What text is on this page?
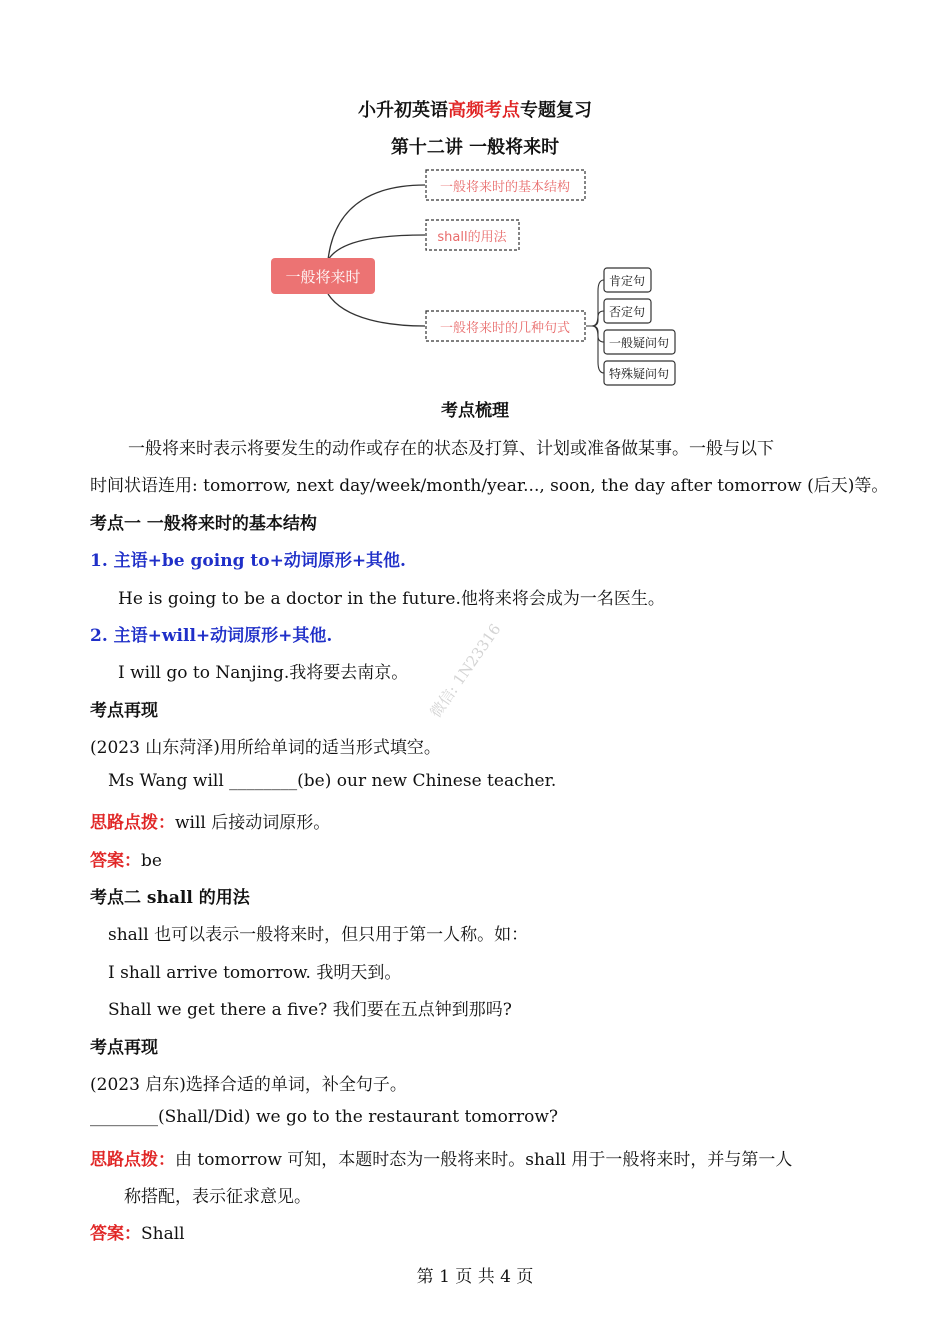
小升初英语高频考点专题复习
第十二讲 一般将来时
一般将来时
一般将来时的基本结构
shall的用法
一般将来时的几种句式
肯定句
否定句
一般疑问句
特殊疑问句
考点梳理
一般将来时表示将要发生的动作或存在的状态及打算、计划或准备做某事。一般与以下
时间状语连用: tomorrow, next day/week/month/year..., soon, the day after tomorrow (后天)等。
考点一 一般将来时的基本结构
1. 主语+be going to+动词原形+其他.
He is going to be a doctor in the future.他将来将会成为一名医生。
2. 主语+will+动词原形+其他.
I will go to Nanjing.我将要去南京。
考点再现
(2023 山东菏泽)用所给单词的适当形式填空。
Ms Wang will ________(be) our new Chinese teacher.
思路点拨：will 后接动词原形。
答案：be
考点二 shall 的用法
shall 也可以表示一般将来时，但只用于第一人称。如：
I shall arrive tomorrow. 我明天到。
Shall we get there a five? 我们要在五点钟到那吗?
考点再现
(2023 启东)选择合适的单词，补全句子。
________(Shall/Did) we go to the restaurant tomorrow?
思路点拨：由 tomorrow 可知，本题时态为一般将来时。shall 用于一般将来时，并与第一人
称搭配，表示征求意见。
答案：Shall
微信: 1N23316
第 1 页 共 4 页
